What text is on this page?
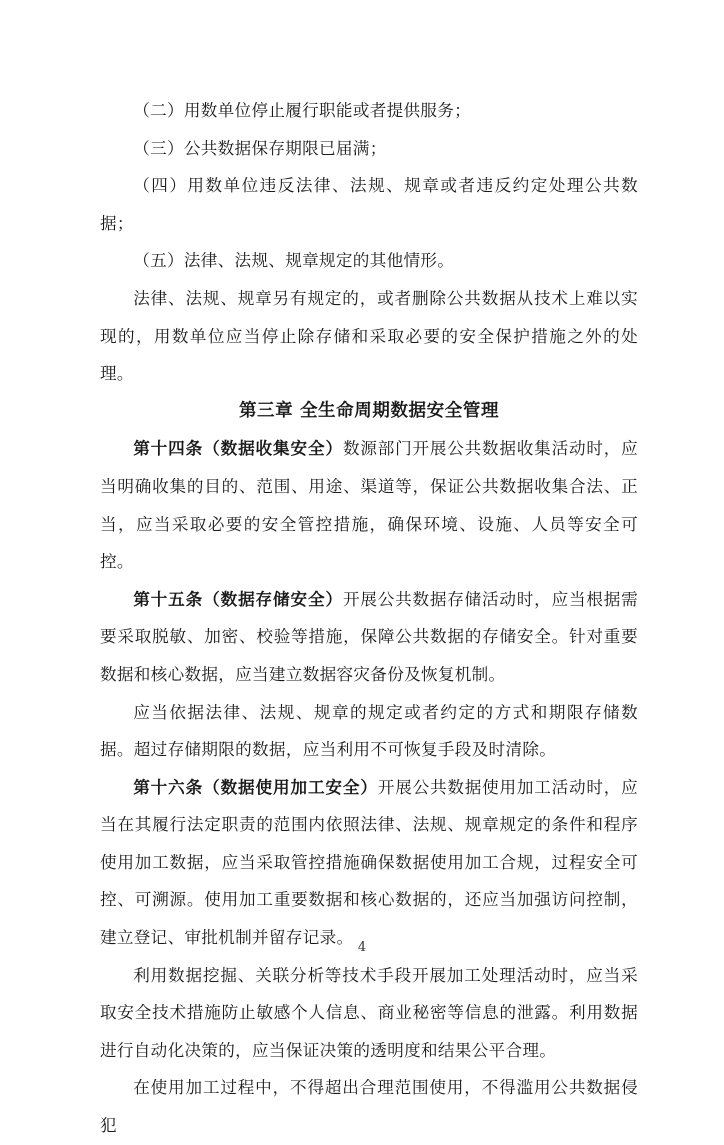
（二）用数单位停止履行职能或者提供服务；

（三）公共数据保存期限已届满；

（四）用数单位违反法律、法规、规章或者违反约定处理公共数据；

（五）法律、法规、规章规定的其他情形。

法律、法规、规章另有规定的，或者删除公共数据从技术上难以实现的，用数单位应当停止除存储和采取必要的安全保护措施之外的处理。

第三章 全生命周期数据安全管理

第十四条（数据收集安全）数源部门开展公共数据收集活动时，应当明确收集的目的、范围、用途、渠道等，保证公共数据收集合法、正当，应当采取必要的安全管控措施，确保环境、设施、人员等安全可控。

第十五条（数据存储安全）开展公共数据存储活动时，应当根据需要采取脱敏、加密、校验等措施，保障公共数据的存储安全。针对重要数据和核心数据，应当建立数据容灾备份及恢复机制。

应当依据法律、法规、规章的规定或者约定的方式和期限存储数据。超过存储期限的数据，应当利用不可恢复手段及时清除。

第十六条（数据使用加工安全）开展公共数据使用加工活动时，应当在其履行法定职责的范围内依照法律、法规、规章规定的条件和程序使用加工数据，应当采取管控措施确保数据使用加工合规，过程安全可控、可溯源。使用加工重要数据和核心数据的，还应当加强访问控制，建立登记、审批机制并留存记录。

利用数据挖掘、关联分析等技术手段开展加工处理活动时，应当采取安全技术措施防止敏感个人信息、商业秘密等信息的泄露。利用数据进行自动化决策的，应当保证决策的透明度和结果公平合理。

在使用加工过程中，不得超出合理范围使用，不得滥用公共数据侵犯

4
